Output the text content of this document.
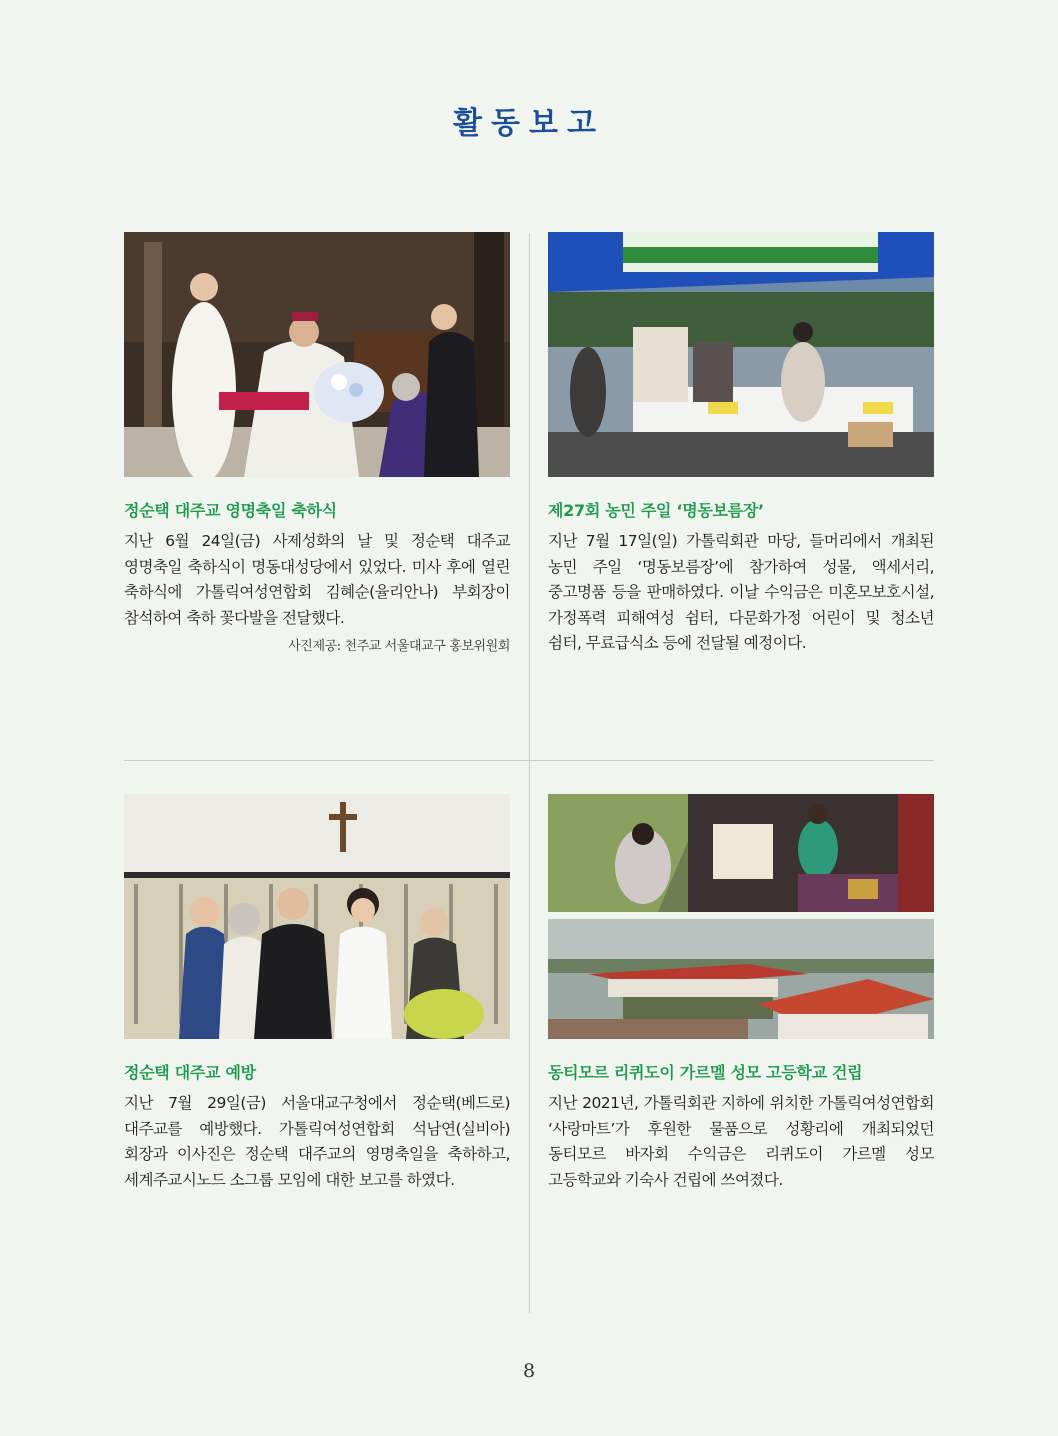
활동보고
정순택 대주교 영명축일 축하식
지난 6월 24일(금) 사제성화의 날 및 정순택 대주교 영명축일 축하식이 명동대성당에서 있었다. 미사 후에 열린 축하식에 가톨릭여성연합회 김혜순(율리안나) 부회장이 참석하여 축하 꽃다발을 전달했다.
사진제공: 천주교 서울대교구 홍보위원회
제27회 농민 주일 ‘명동보름장’
지난 7월 17일(일) 가톨릭회관 마당, 들머리에서 개최된 농민 주일 ‘명동보름장’에 참가하여 성물, 액세서리, 중고명품 등을 판매하였다. 이날 수익금은 미혼모보호시설, 가정폭력 피해여성 쉼터, 다문화가정 어린이 및 청소년 쉼터, 무료급식소 등에 전달될 예정이다.
정순택 대주교 예방
지난 7월 29일(금) 서울대교구청에서 정순택(베드로) 대주교를 예방했다. 가톨릭여성연합회 석남연(실비아) 회장과 이사진은 정순택 대주교의 영명축일을 축하하고, 세계주교시노드 소그룹 모임에 대한 보고를 하였다.
동티모르 리퀴도이 가르멜 성모 고등학교 건립
지난 2021년, 가톨릭회관 지하에 위치한 가톨릭여성연합회 ‘사랑마트’가 후원한 물품으로 성황리에 개최되었던 동티모르 바자회 수익금은 리퀴도이 가르멜 성모 고등학교와 기숙사 건립에 쓰여졌다.
8
